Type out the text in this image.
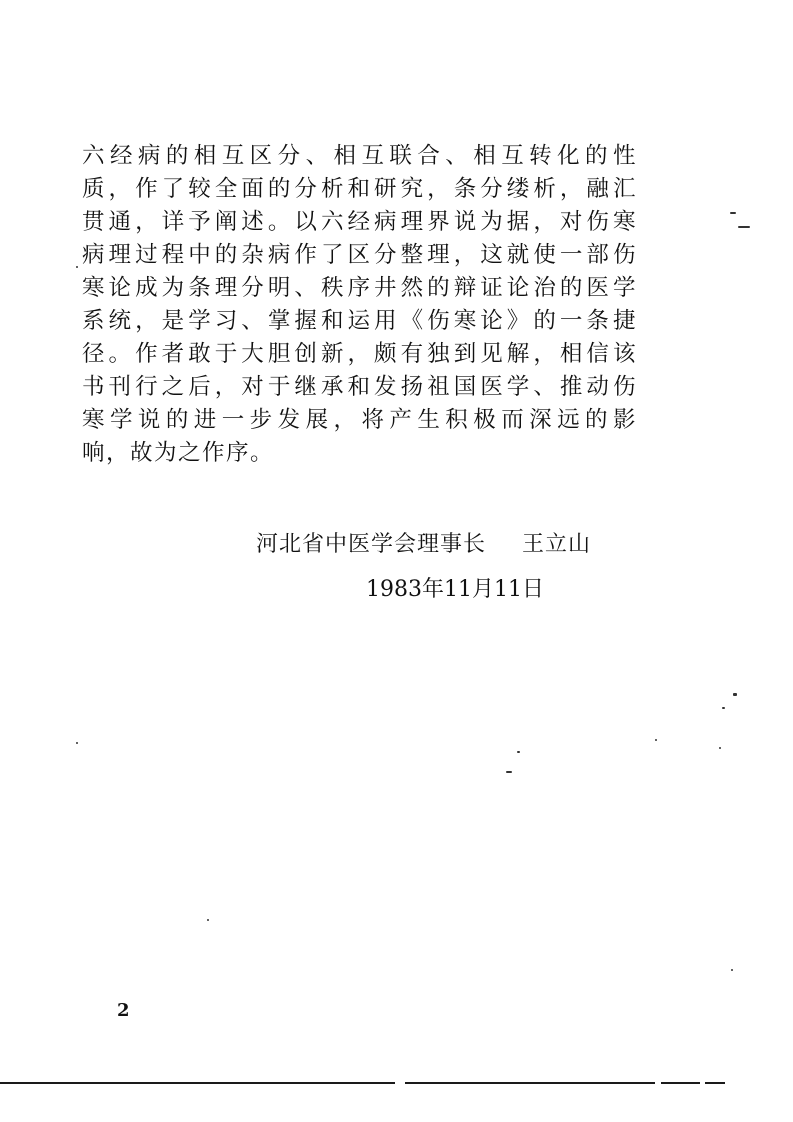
六经病的相互区分、相互联合、相互转化的性
质，作了较全面的分析和研究，条分缕析，融汇
贯通，详予阐述。以六经病理界说为据，对伤寒
病理过程中的杂病作了区分整理，这就使一部伤
寒论成为条理分明、秩序井然的辩证论治的医学
系统，是学习、掌握和运用《伤寒论》的一条捷
径。作者敢于大胆创新，颇有独到见解，相信该
书刊行之后，对于继承和发扬祖国医学、推动伤
寒学说的进一步发展，将产生积极而深远的影
响，故为之作序。
河北省中医学会理事长 王立山
1983年11月11日
2
